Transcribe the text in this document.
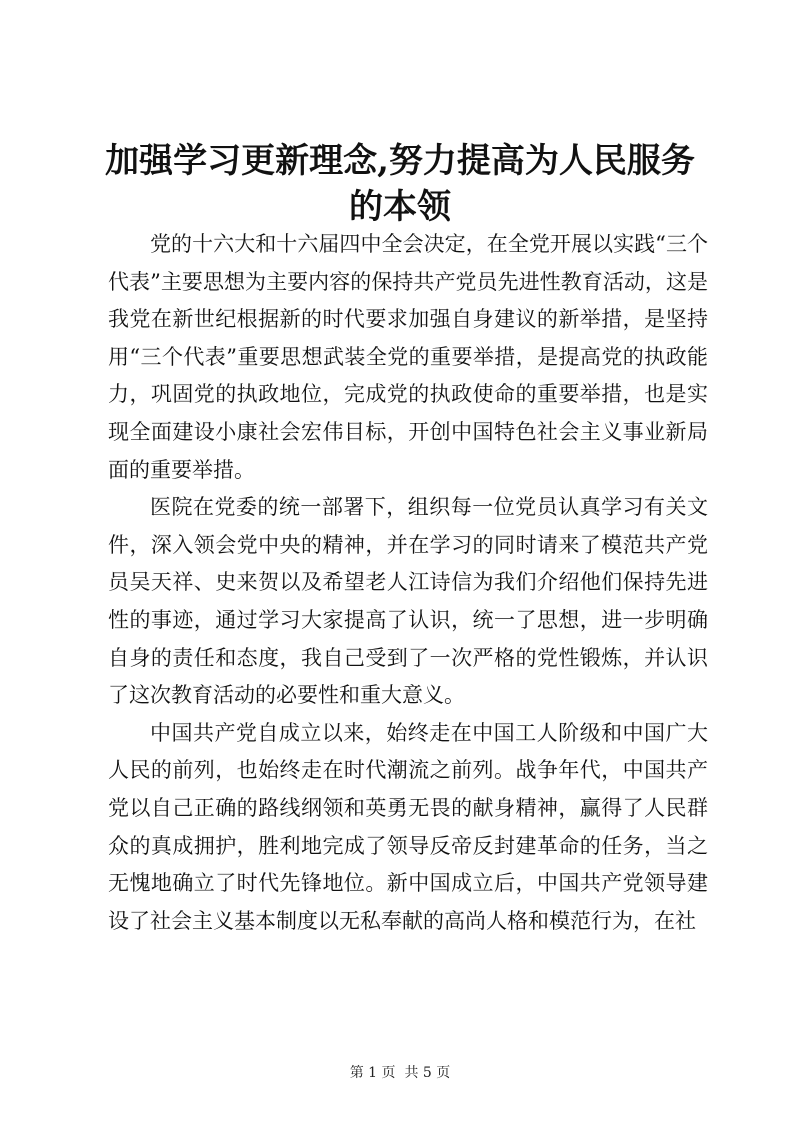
加强学习更新理念,努力提高为人民服务的本领

党的十六大和十六届四中全会决定，在全党开展以实践“三个代表”主要思想为主要内容的保持共产党员先进性教育活动，这是我党在新世纪根据新的时代要求加强自身建议的新举措，是坚持用“三个代表”重要思想武装全党的重要举措，是提高党的执政能力，巩固党的执政地位，完成党的执政使命的重要举措，也是实现全面建设小康社会宏伟目标，开创中国特色社会主义事业新局面的重要举措。

医院在党委的统一部署下，组织每一位党员认真学习有关文件，深入领会党中央的精神，并在学习的同时请来了模范共产党员吴天祥、史来贺以及希望老人江诗信为我们介绍他们保持先进性的事迹，通过学习大家提高了认识，统一了思想，进一步明确自身的责任和态度，我自己受到了一次严格的党性锻炼，并认识了这次教育活动的必要性和重大意义。

中国共产党自成立以来，始终走在中国工人阶级和中国广大人民的前列，也始终走在时代潮流之前列。战争年代，中国共产党以自己正确的路线纲领和英勇无畏的献身精神，赢得了人民群众的真成拥护，胜利地完成了领导反帝反封建革命的任务，当之无愧地确立了时代先锋地位。新中国成立后，中国共产党领导建设了社会主义基本制度以无私奉献的高尚人格和模范行为，在社

第 1 页  共 5 页
